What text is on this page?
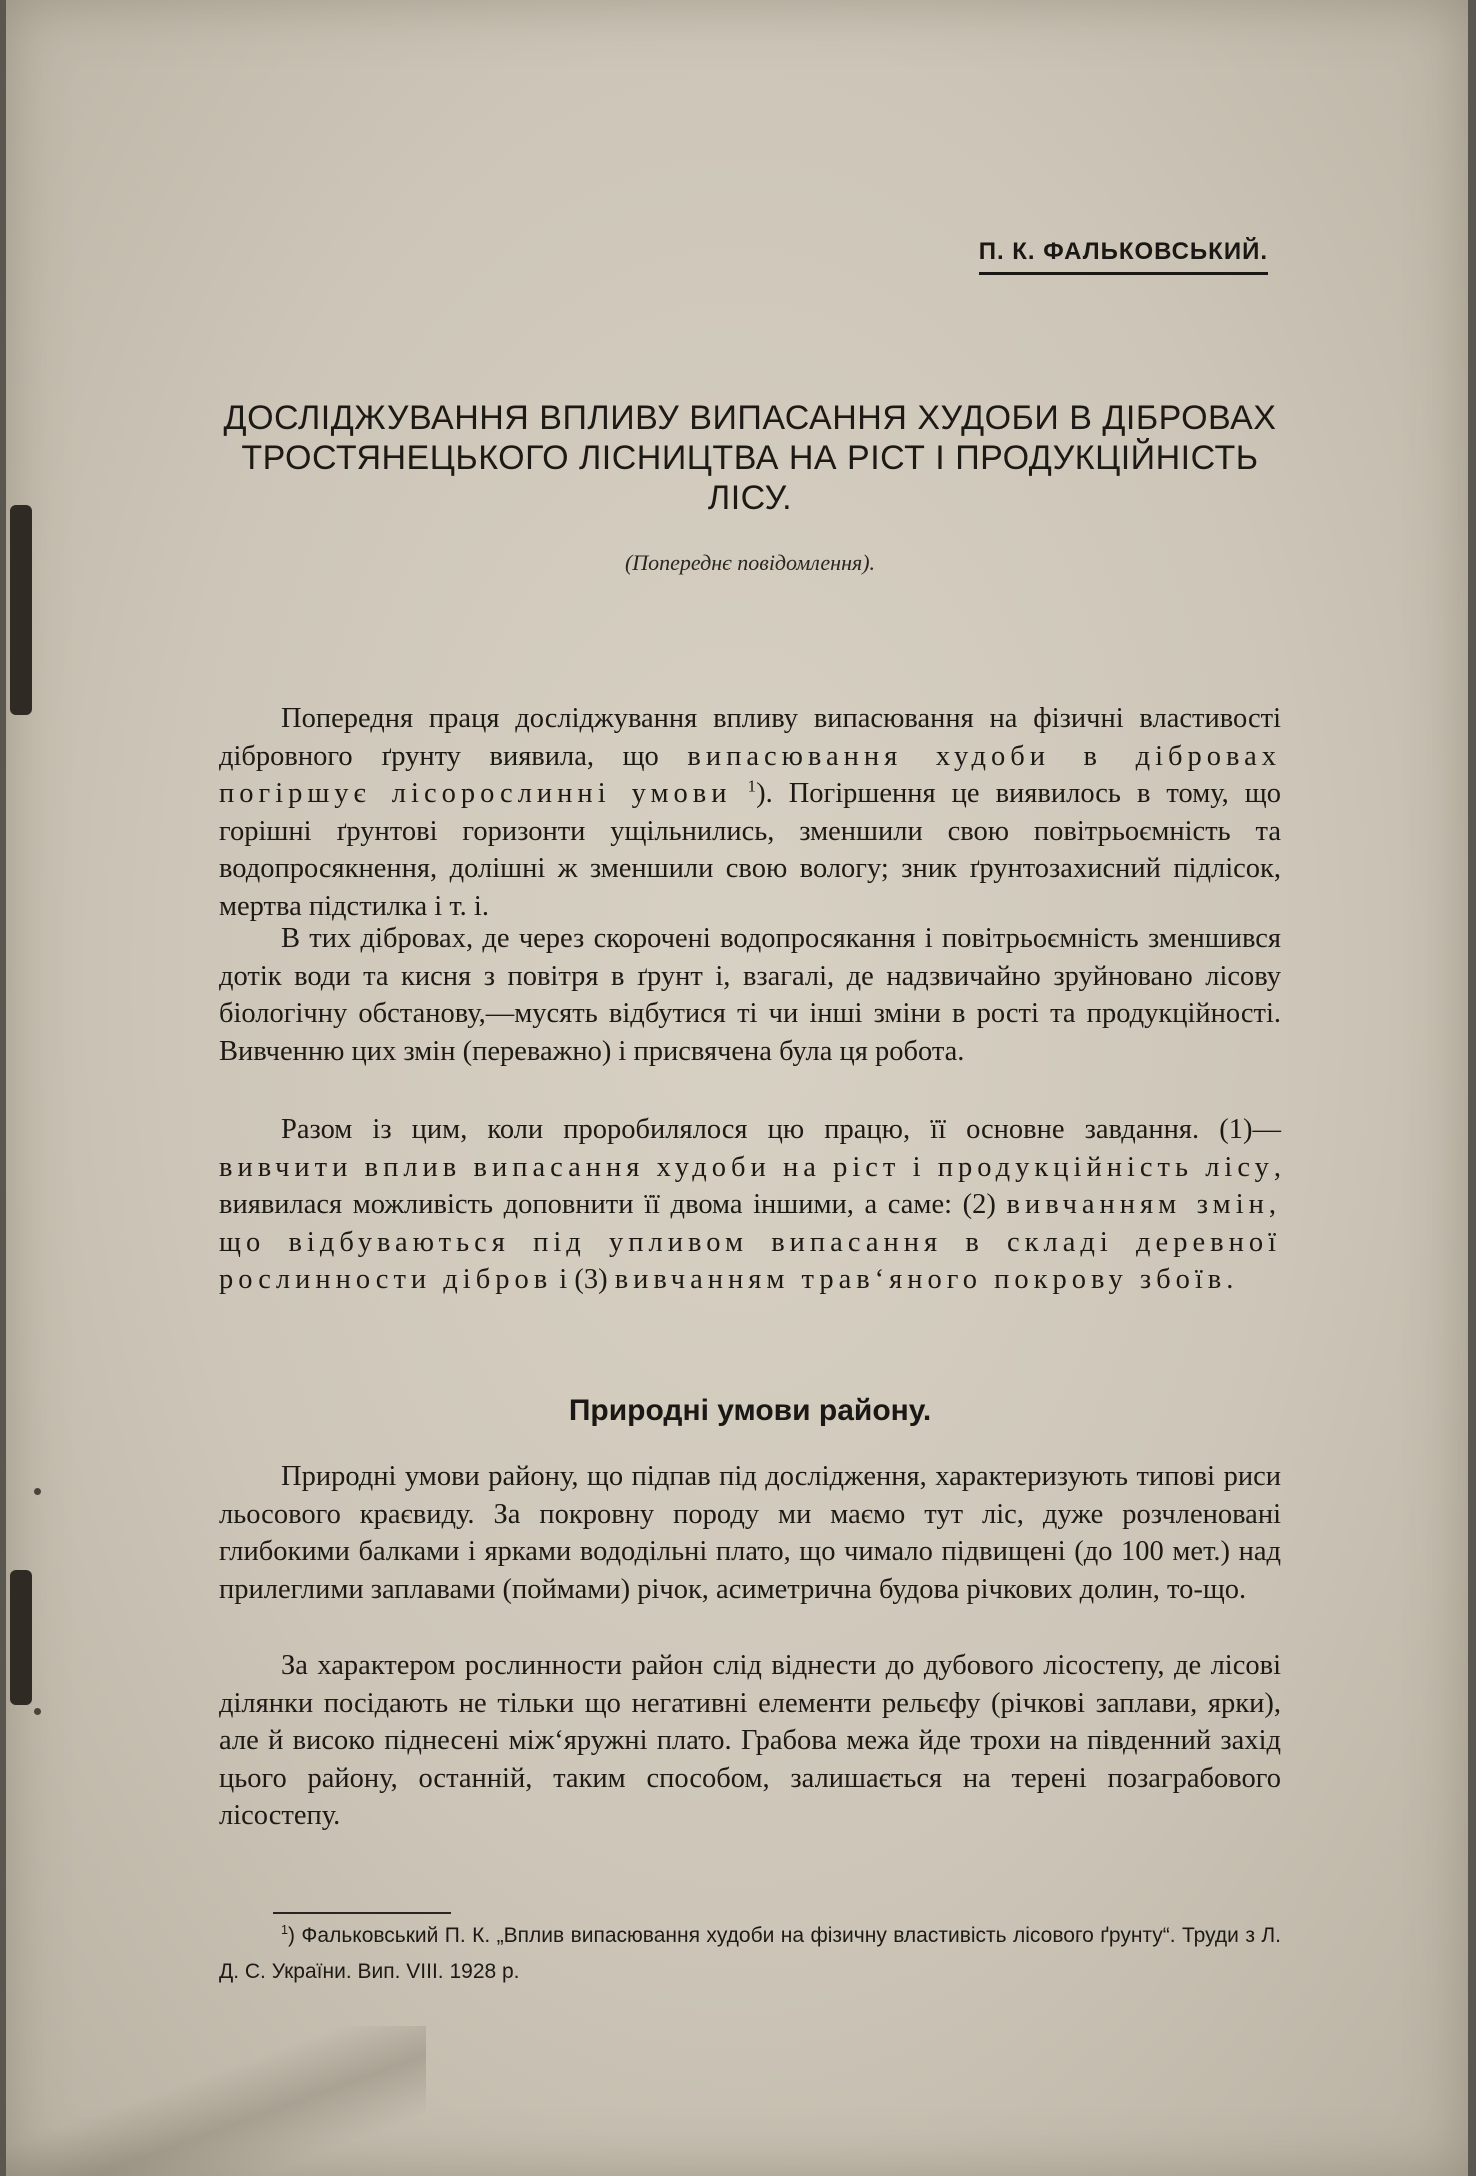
П. К. ФАЛЬКОВСЬКИЙ.
ДОСЛІДЖУВАННЯ ВПЛИВУ ВИПАСАННЯ ХУДОБИ В ДІБРОВАХ
ТРОСТЯНЕЦЬКОГО ЛІСНИЦТВА НА РІСТ І ПРОДУКЦІЙНІСТЬ
ЛІСУ.
(Попереднє повідомлення).

Попередня праця досліджування впливу випасювання на фізичні властивості дібровного ґрунту виявила, що випасювання худоби в дібровах погіршує лісорослинні умови $^1$). Погіршення це виявилось в тому, що горішні ґрунтові горизонти ущільнились, зменшили свою повітрьоємність та водопросякнення, долішні ж зменшили свою вологу; зник ґрунтозахисний підлісок, мертва підстилка і т. і.

В тих дібровах, де через скорочені водопросякання і повітрьоємність зменшився дотік води та кисня з повітря в ґрунт і, взагалі, де надзвичайно зруйновано лісову біологічну обстанову,—мусять відбутися ті чи інші зміни в рості та продукційності. Вивченню цих змін (переважно) і присвячена була ця робота.

Разом із цим, коли проробилялося цю працю, її основне завдання. (1)—вивчити вплив випасання худоби на ріст і продукційність лісу, виявилася можливість доповнити її двома іншими, а саме: (2) вивчанням змін, що відбуваються під упливом випасання в складі деревної рослинности дібров і (3) вивчанням трав‘яного покрову збоїв.

Природні умови району.

Природні умови району, що підпав під дослідження, характеризують типові риси льосового краєвиду. За покровну породу ми маємо тут ліс, дуже розчленовані глибокими балками і ярками вододільні плато, що чимало підвищені (до 100 мет.) над прилеглими заплавами (поймами) річок, асиметрична будова річкових долин, то-що.

За характером рослинности район слід віднести до дубового лісостепу, де лісові ділянки посідають не тільки що негативні елементи рельєфу (річкові заплави, ярки), але й високо піднесені між‘яружні плато. Грабова межа йде трохи на південний захід цього району, останній, таким способом, залишається на терені позаграбового лісостепу.

$^1$) Фальковський П. К. „Вплив випасювання худоби на фізичну властивість лісового ґрунту“. Труди з Л. Д. С. України. Вип. VIII. 1928 р.
